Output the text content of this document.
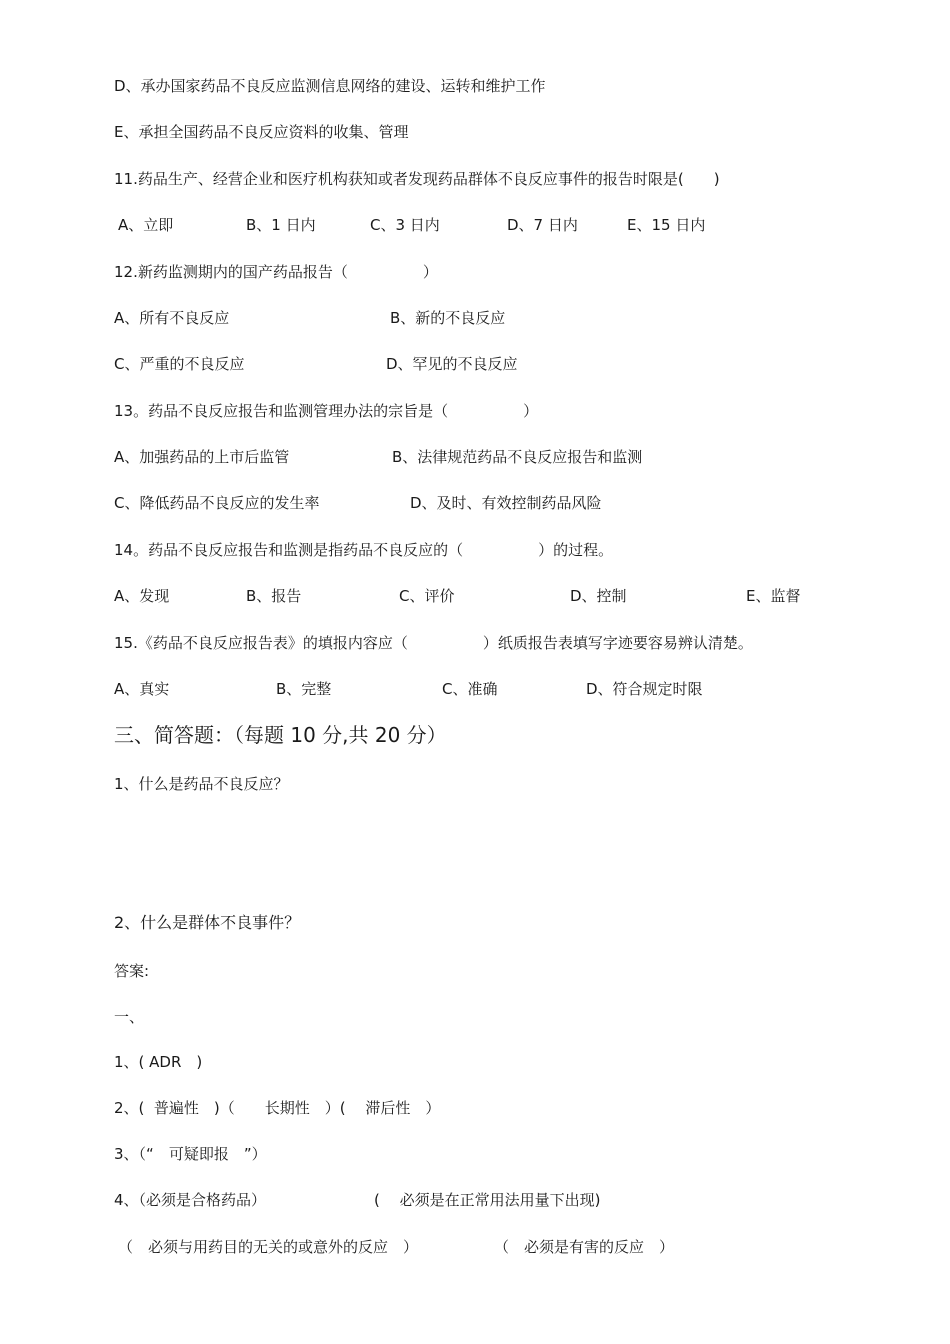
D、承办国家药品不良反应监测信息网络的建设、运转和维护工作
E、承担全国药品不良反应资料的收集、管理
11.药品生产、经营企业和医疗机构获知或者发现药品群体不良反应事件的报告时限是(　　)

A、立即

	B、1 日内

	C、3 日内

	D、7 日内

	E、15 日内

12.新药监测期内的国产药品报告（　　　　　）

A、所有不良反应

	B、新的不良反应

C、严重的不良反应

	D、罕见的不良反应

13。药品不良反应报告和监测管理办法的宗旨是（　　　　　）

A、加强药品的上市后监管

	B、法律规范药品不良反应报告和监测

C、降低药品不良反应的发生率

	D、及时、有效控制药品风险

14。药品不良反应报告和监测是指药品不良反应的（　　　　　）的过程。

A、发现

	B、报告

	C、评价

	D、控制

	E、监督

15.《药品不良反应报告表》的填报内容应（　　　　　）纸质报告表填写字迹要容易辨认清楚。

A、真实

	B、完整

	C、准确

	D、符合规定时限

三、简答题：（每题 10 分,共 20 分）
1、什么是药品不良反应？
2、什么是群体不良事件？
答案:
一、
1、( ADR　)
2、(  普遍性　)（　　长期性　）(　 滞后性　）
3、（“　可疑即报　”）

4、（必须是合格药品）

	(　 必须是在正常用法用量下出现)

（　必须与用药目的无关的或意外的反应　）

	（　必须是有害的反应　）
